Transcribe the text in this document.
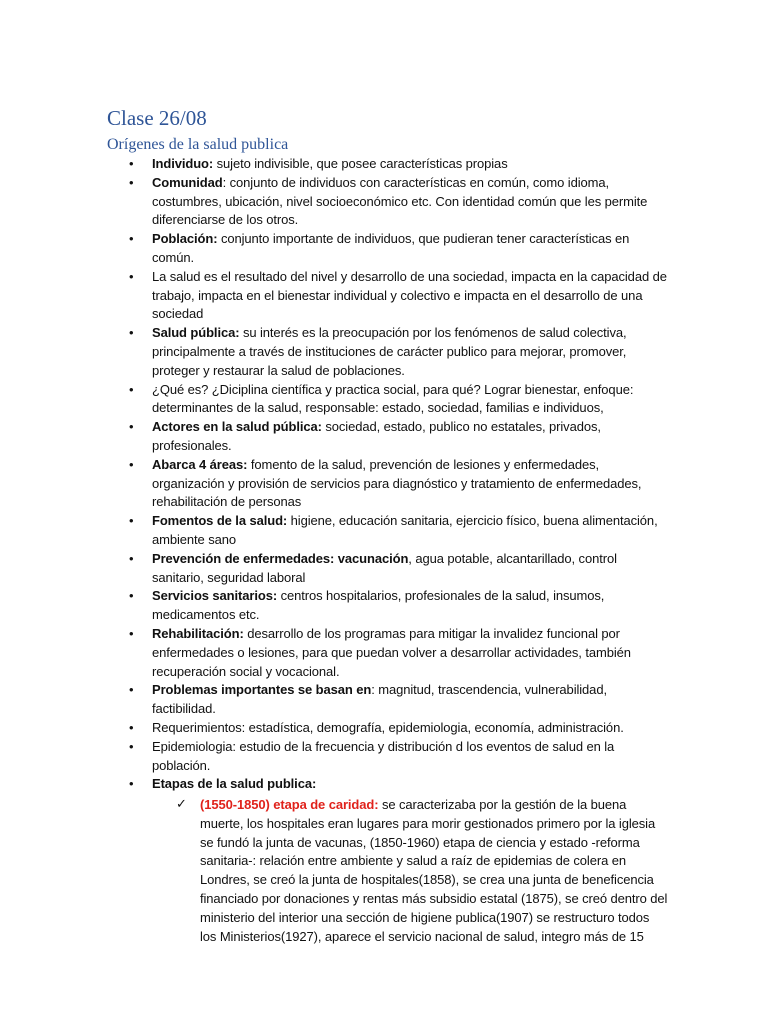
Clase 26/08
Orígenes de la salud publica
• Individuo: sujeto indivisible, que posee características propias
• Comunidad: conjunto de individuos con características en común, como idioma, costumbres, ubicación, nivel socioeconómico etc. Con identidad común que les permite diferenciarse de los otros.
• Población: conjunto importante de individuos, que pudieran tener características en común.
• La salud es el resultado del nivel y desarrollo de una sociedad, impacta en la capacidad de trabajo, impacta en el bienestar individual y colectivo e impacta en el desarrollo de una sociedad
• Salud pública: su interés es la preocupación por los fenómenos de salud colectiva, principalmente a través de instituciones de carácter publico para mejorar, promover, proteger y restaurar la salud de poblaciones.
• ¿Qué es? ¿Diciplina científica y practica social, para qué? Lograr bienestar, enfoque: determinantes de la salud, responsable: estado, sociedad, familias e individuos,
• Actores en la salud pública: sociedad, estado, publico no estatales, privados, profesionales.
• Abarca 4 áreas: fomento de la salud, prevención de lesiones y enfermedades, organización y provisión de servicios para diagnóstico y tratamiento de enfermedades, rehabilitación de personas
• Fomentos de la salud: higiene, educación sanitaria, ejercicio físico, buena alimentación, ambiente sano
• Prevención de enfermedades: vacunación, agua potable, alcantarillado, control sanitario, seguridad laboral
• Servicios sanitarios: centros hospitalarios, profesionales de la salud, insumos, medicamentos etc.
• Rehabilitación: desarrollo de los programas para mitigar la invalidez funcional por enfermedades o lesiones, para que puedan volver a desarrollar actividades, también recuperación social y vocacional.
• Problemas importantes se basan en: magnitud, trascendencia, vulnerabilidad, factibilidad.
• Requerimientos: estadística, demografía, epidemiologia, economía, administración.
• Epidemiologia: estudio de la frecuencia y distribución d los eventos de salud en la población.
• Etapas de la salud publica:
✓ (1550-1850) etapa de caridad: se caracterizaba por la gestión de la buena muerte, los hospitales eran lugares para morir gestionados primero por la iglesia se fundó la junta de vacunas, (1850-1960) etapa de ciencia y estado -reforma sanitaria-: relación entre ambiente y salud a raíz de epidemias de colera en Londres, se creó la junta de hospitales(1858), se crea una junta de beneficencia financiado por donaciones y rentas más subsidio estatal (1875), se creó dentro del ministerio del interior una sección de higiene publica(1907) se restructuro todos los Ministerios(1927), aparece el servicio nacional de salud, integro más de 15
